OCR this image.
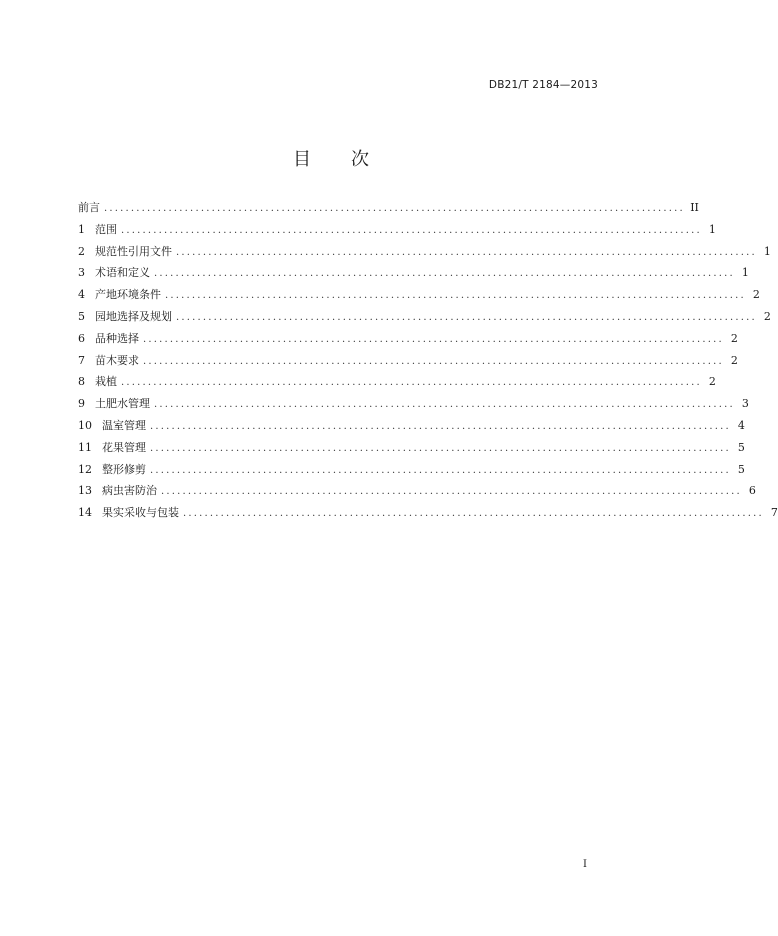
DB21/T 2184—2013
目 次
前言 ............................................................................................................ II
1 范围 ............................................................................................................ 1
2 规范性引用文件 ............................................................................................................ 1
3 术语和定义 ............................................................................................................ 1
4 产地环境条件 ............................................................................................................ 2
5 园地选择及规划 ............................................................................................................ 2
6 品种选择 ............................................................................................................ 2
7 苗木要求 ............................................................................................................ 2
8 栽植 ............................................................................................................ 2
9 土肥水管理 ............................................................................................................ 3
10 温室管理 ............................................................................................................ 4
11 花果管理 ............................................................................................................ 5
12 整形修剪 ............................................................................................................ 5
13 病虫害防治 ............................................................................................................ 6
14 果实采收与包装 ............................................................................................................ 7
I
